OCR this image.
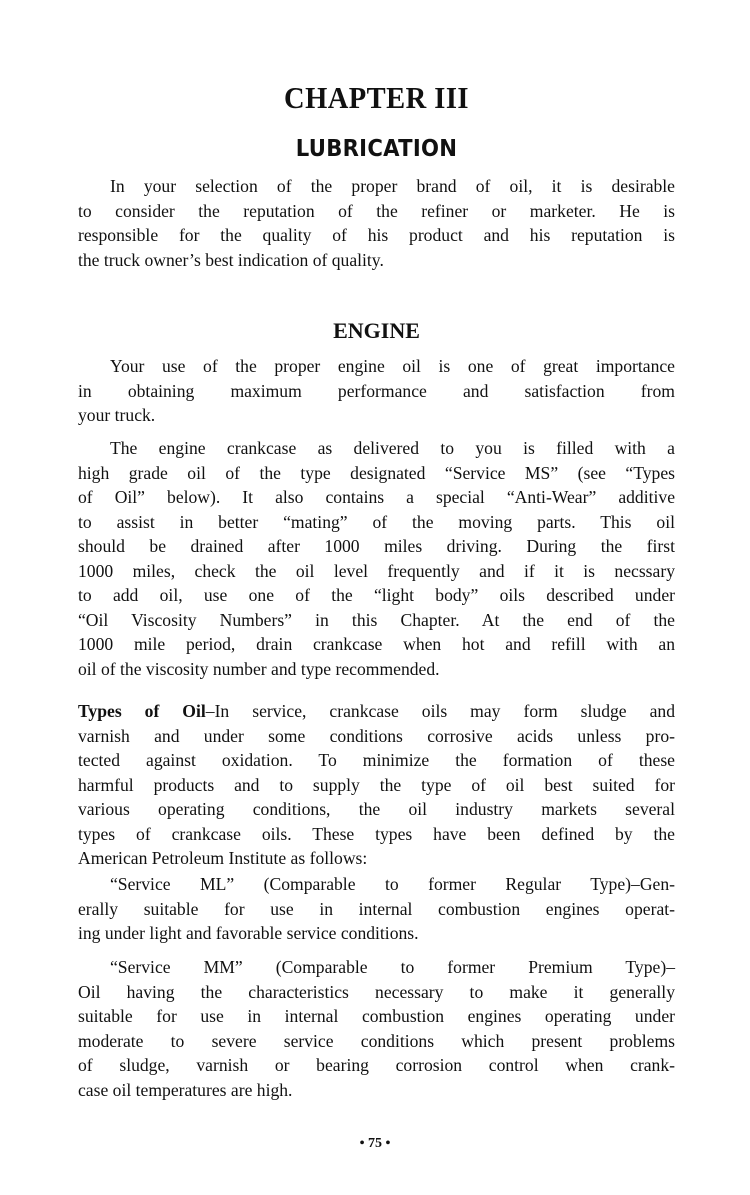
CHAPTER III
LUBRICATION
In your selection of the proper brand of oil, it is desirable
to consider the reputation of the refiner or marketer. He is
responsible for the quality of his product and his reputation is
the truck owner’s best indication of quality.
ENGINE
Your use of the proper engine oil is one of great importance
in obtaining maximum performance and satisfaction from
your truck.
The engine crankcase as delivered to you is filled with a
high grade oil of the type designated “Service MS” (see “Types
of Oil” below). It also contains a special “Anti-Wear” additive
to assist in better “mating” of the moving parts. This oil
should be drained after 1000 miles driving. During the first
1000 miles, check the oil level frequently and if it is necssary
to add oil, use one of the “light body” oils described under
“Oil Viscosity Numbers” in this Chapter. At the end of the
1000 mile period, drain crankcase when hot and refill with an
oil of the viscosity number and type recommended.
Types of Oil–In service, crankcase oils may form sludge and
varnish and under some conditions corrosive acids unless pro-
tected against oxidation. To minimize the formation of these
harmful products and to supply the type of oil best suited for
various operating conditions, the oil industry markets several
types of crankcase oils. These types have been defined by the
American Petroleum Institute as follows:
“Service ML” (Comparable to former Regular Type)–Gen-
erally suitable for use in internal combustion engines operat-
ing under light and favorable service conditions.
“Service MM” (Comparable to former Premium Type)–
Oil having the characteristics necessary to make it generally
suitable for use in internal combustion engines operating under
moderate to severe service conditions which present problems
of sludge, varnish or bearing corrosion control when crank-
case oil temperatures are high.
• 75 •
